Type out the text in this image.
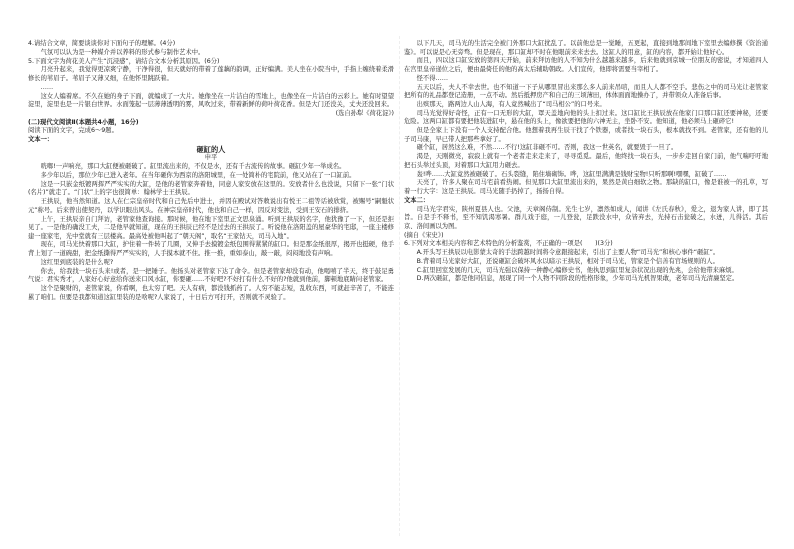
4.请结合文章，简要谈谈你对下面句子的理解。(4分)

气氛可以认为是一种媒介并以养料的形式参与制作艺术中。

5.下面文字为荷花美人产生“沉浸感”，请结合文本分析其原因。(6分)

月亮升起来，我觉得更凉爽宁静，干净得很，但天就好的带着了莲藕的韵调，正好编满。美人坐在小院当中，手指上缠绕着柔滑修长的苇眉子。苇眉子又薄又细，在他怀里跳跃着。

……

这女人编着席。不久在她的身子下面，就编成了一大片。她像坐在一片洁白的雪地上，也像坐在一片洁白的云彩上。她有时望望淀里，淀里也是一片银白世界。水面笼起一层薄薄透明的雾，风吹过来，带着新鲜的荷叶荷花香。但是大门还没关，丈夫还没回来。

(选自孙犁《荷花淀》)

(二)现代文阅读Ⅱ(本题共4小题，16分)

阅读下面的文字，完成6～9题。

文本一：

砸缸的人

申平

咣啷!一声响亮，那口大缸便被砸破了。缸里流出来的，不仅是水，还有千古流传的故事。砸缸少年一举成名。

多少年以后，那位少年已进入老年。在当年砸你为西京的洛阳城里，在一处简朴的宅院前，他又站在了一口缸前。

这是一只嵌金纸镀两挥严严实实的大缸，是他的老管家奔着他，同意人家安放在这里的。安放者什么也没说，只留下一张“门状(名片)”就走了。“门状”上的字也很简单：翰林学士王拱辰。

王拱辰，他当然知道。这人在仁宗皇帝时代和自己先后中进士，并因在殿试对答敕说出有悦王二祖等话被欣赏，被赐号“嗣魁状元”称号。后来曾出使契丹，以学识眼出风头。在神宗皇帝时代，他也和自己一样，因反对变法，受到王安石的排挤。

上午，王拱辰亲自门拜访，老管家他查询接。那时候，他在地下室里正文思泉涌。听到王拱辰的名字，他犹豫了一下，但还是拒见了。一是他的确没工夫，二是他早就知道，现在的王拱辰已经不是过去的王拱辰了。听说他在洛阳盖的屋豪华的宅邸，一座主楼修建一座家宅，光中堂就有三层楼高。最高处被他叫起了“朝天阁”，取名“王家钻天，司马入地”。

现在，司马光快着那口大缸，护住着一件转了几圈，又伸手去摸镀金纸包围得紧紧的缸口。但是那金纸很厚，揭开也挺硬，他手背上划了一道碗甜，把金纸撕得严严实实的，人手摸本就不住。推一推，重如泰山，敲一敲，闷闷地没有声响。

这红里到底装的是什么呢?

你去，给我找一块石头来!或者，是一把锤子。他扬头对老管家下达了命令。但是老管家却没有动，他喝嘻了半天，终于鼓足勇气说：君实秀才，人家好心好意给你送来口风水缸，你要砸……不好吧?不好打有什么不好的?他就到他前，脚顿地底睛问老管家。

这个是聚财的，老管家说，你看啊，也太穷了吧。天人有病，都没钱抓药了。人穷不能志短，乱收东西，可就赶辛苦了，不能连累了咱们。但要是我都知道这缸里装的是啥呢?人家说了，十日后方可打开，否则就不灵验了。

以下几天，司马光的生活完全被门外那口大缸扰乱了。以前他总是一觉睡，五更起，直接到地那间地下室里去编修撰《资治通鉴》。可以说是心无旁骛。但是现在，那口缸却不时在他眼前来来去去。这缸人的用意，缸的内容，都开始让他好心。

而且，四以这口缸安放的第四天开始，前来拜访他的人不知为什么越越来越多，后来他就到京城一位朋友的密说，才知道四人在宫里皇帝递位之后，便由最倚任的他的高太后辅助朝政。人们宣传，他即将需要当宰相了。

怪不得……

五天以后，夫人不幸去世。也不知道一下子从哪里冒出来那么多人前来吊唁，而且人人都不空手。悲伤之中的司马光让老管家把所有的礼品都登记造册，一点不动。然后抵押房产和自己的三顷薄田，体体面面地操办了，并带领众人准备后事。

出殡那天，路两边人山人海，有人竟然喊出了“司马相公”的口号来。

司马光觉得好奇怪，正有一口无形的大缸，罩天盖地向他的头上扣过来。这口缸比王拱辰放在他家门口那口缸还要神秘，还要危险。这两口缸都有要把他装进缸中，悬在他的头上，像欲要把他的六神无主，坐卧不安。他知道，他必须马上砸碎它!

但是全家上下没有一个人支持配合他。他想着我再生辰干找了个铁器，或者找一块石头，根本就找不到。老管家，还有他的儿子司马康，早已带人把那些拿好了。

砸个缸，居然这么难，不然……不行!这缸非砸不可。否则，我这一世英名，就要毁于一旦了。

渴是，天刚微亮，寂寂上就有一个老者走来走来了，寻寻觅觅。最后，他终找一块石头，一步步走回自家门前，他气喘吁吁地把石头举过头顶，对着那口大缸用力砸去。

轰!哗……大缸竟然被砸破了。石头裂缝，陷住墙砌饰。哗，这缸里满满是钱财宝物!只听那啊!嘿嘿，缸破了……

天亮了，许多人聚在司马宅前看热闹。但见那口大缸里流出来的，果然是黄白细软之物。那缺的缸口，像是谁被一的孔草，写着一行大字：这是王拱辰。司马光随手扔掉了，扬扬自得。

文本二：

司马光字君实，陕州夏县人也。父池，天章阁侍制。光生七岁，凛然如成人，闻讲《左氏春秋》，爱之，退为家人讲，即了其旨。自是手不释书，至不知饥渴寒暑。群儿戏于庭，一儿登瓮，足跌没水中，众皆弃去，光持石击瓮破之，水迸，儿得活。其后京、洛间画以为图。

(摘自《宋史》)

6.下列对文本相关内容和艺术特色的分析鉴赏，不正确的一项是(　　)(3分)

A.开头写王拱辰以电影蒙太奇的手法跨越时间将令意跟接起来，引出了主要人物“司马光”和核心事件“砸缸”。

B.背着司马光家好大缸，还说砸缸会破坏风水以暗示王拱辰，相对于司马光，管家是个信善有官场规则的人。

C.缸里回室发展的几天，司马光强以保持一种静心编修史书，他执思到缸里复杂状况出现的先兆，会给他带来麻烦。

D.两次砸缸，都是他同信息，展现了同一个人物不同阶段的性格形象，少年司马光机智果敢，老年司马光清廉坚定。
